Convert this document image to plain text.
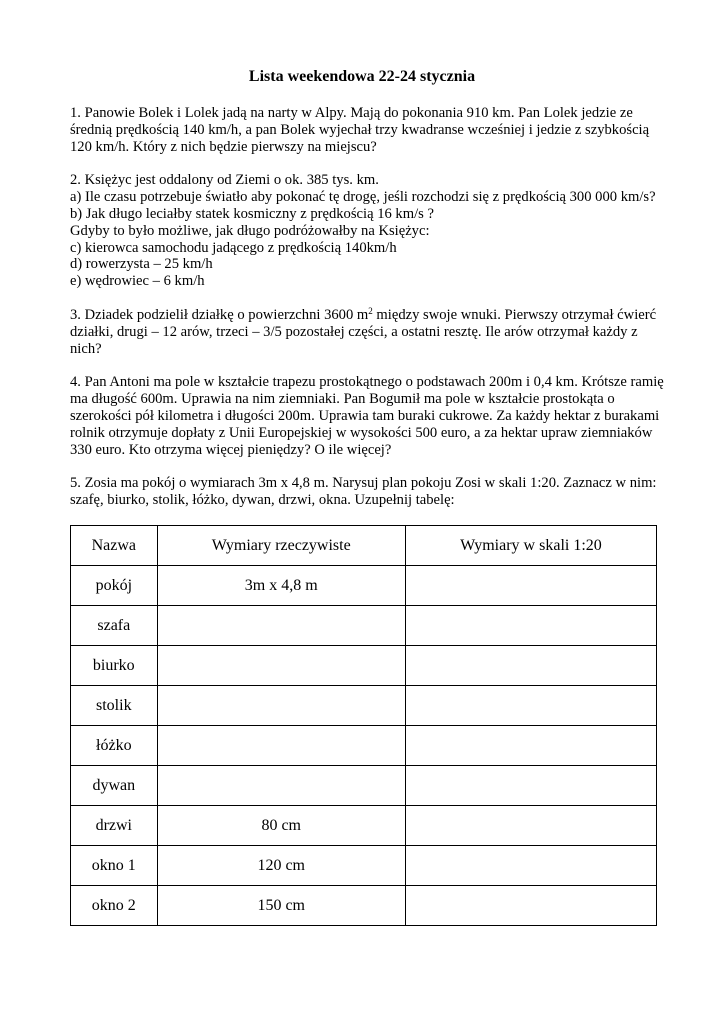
Lista weekendowa 22-24 stycznia

1. Panowie Bolek i Lolek jadą na narty w Alpy. Mają do pokonania 910 km. Pan Lolek jedzie ze średnią prędkością 140 km/h, a pan Bolek wyjechał trzy kwadranse wcześniej i jedzie z szybkością 120 km/h. Który z nich będzie pierwszy na miejscu?

2. Księżyc jest oddalony od Ziemi o ok. 385 tys. km.

a) Ile czasu potrzebuje światło aby pokonać tę drogę, jeśli rozchodzi się z prędkością 300 000 km/s?

b) Jak długo leciałby statek kosmiczny z prędkością 16 km/s ?

Gdyby to było możliwe, jak długo podróżowałby na Księżyc:

c) kierowca samochodu jadącego z prędkością 140km/h

d) rowerzysta – 25 km/h

e) wędrowiec – 6 km/h

3. Dziadek podzielił działkę o powierzchni 3600 $m^2$ między swoje wnuki. Pierwszy otrzymał ćwierć działki, drugi – 12 arów, trzeci – 3/5 pozostałej części, a ostatni resztę. Ile arów otrzymał każdy z nich?

4. Pan Antoni ma pole w kształcie trapezu prostokątnego o podstawach 200m i 0,4 km. Krótsze ramię ma długość 600m. Uprawia na nim ziemniaki. Pan Bogumił ma pole w kształcie prostokąta o szerokości pół kilometra i długości 200m. Uprawia tam buraki cukrowe. Za każdy hektar z burakami rolnik otrzymuje dopłaty z Unii Europejskiej w wysokości 500 euro, a za hektar upraw ziemniaków 330 euro. Kto otrzyma więcej pieniędzy? O ile więcej?

5. Zosia ma pokój o wymiarach 3m x 4,8 m. Narysuj plan pokoju Zosi w skali 1:20. Zaznacz w nim: szafę, biurko, stolik, łóżko, dywan, drzwi, okna. Uzupełnij tabelę:

Nazwa	Wymiary rzeczywiste	Wymiary w skali 1:20
pokój	3m x 4,8 m	
szafa		
biurko		
stolik		
łóżko		
dywan		
drzwi	80 cm	
okno 1	120 cm	
okno 2	150 cm	
